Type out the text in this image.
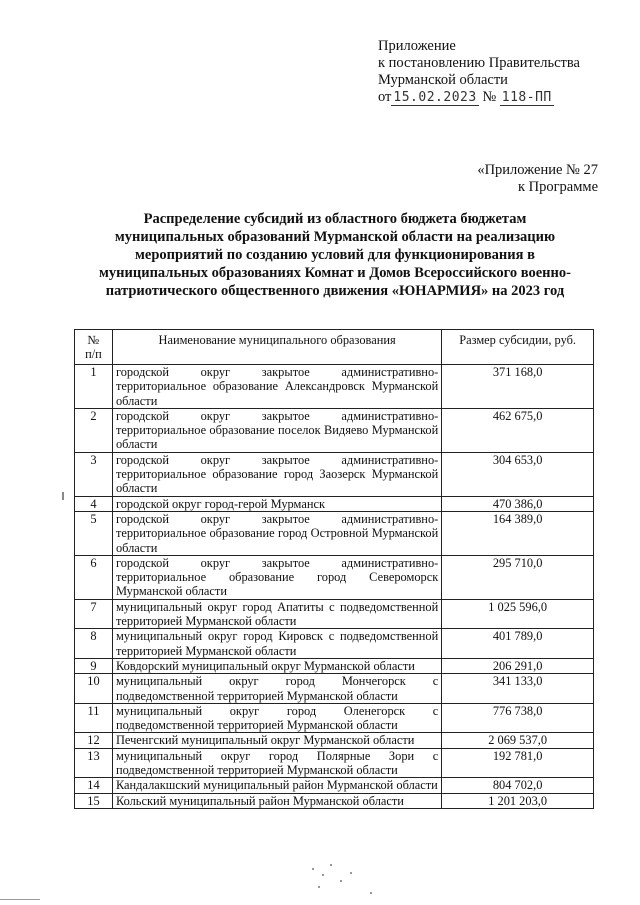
Приложение
к постановлению Правительства
Мурманской области
от 15.02.2023 № 118-ПП
«Приложение № 27
к Программе
Распределение субсидий из областного бюджета бюджетам
муниципальных образований Мурманской области на реализацию
мероприятий по созданию условий для функционирования в
муниципальных образованиях Комнат и Домов Всероссийского военно-
патриотического общественного движения «ЮНАРМИЯ» на 2023 год
№
п/п	Наименование муниципального образования	Размер субсидии, руб.
1	городской округ закрытое административно-территориальное образование Александровск Мурманской области	371 168,0
2	городской округ закрытое административно-территориальное образование поселок Видяево Мурманской области	462 675,0
3	городской округ закрытое административно-территориальное образование город Заозерск Мурманской области	304 653,0
4	городской округ город-герой Мурманск	470 386,0
5	городской округ закрытое административно-территориальное образование город Островной Мурманской области	164 389,0
6	городской округ закрытое административно-территориальное образование город Североморск Мурманской области	295 710,0
7	муниципальный округ город Апатиты с подведомственной территорией Мурманской области	1 025 596,0
8	муниципальный округ город Кировск с подведомственной территорией Мурманской области	401 789,0
9	Ковдорский муниципальный округ Мурманской области	206 291,0
10	муниципальный округ город Мончегорск с подведомственной территорией Мурманской области	341 133,0
11	муниципальный округ город Оленегорск с подведомственной территорией Мурманской области	776 738,0
12	Печенгский муниципальный округ Мурманской области	2 069 537,0
13	муниципальный округ город Полярные Зори с подведомственной территорией Мурманской области	192 781,0
14	Кандалакшский муниципальный район Мурманской области	804 702,0
15	Кольский муниципальный район Мурманской области	1 201 203,0
